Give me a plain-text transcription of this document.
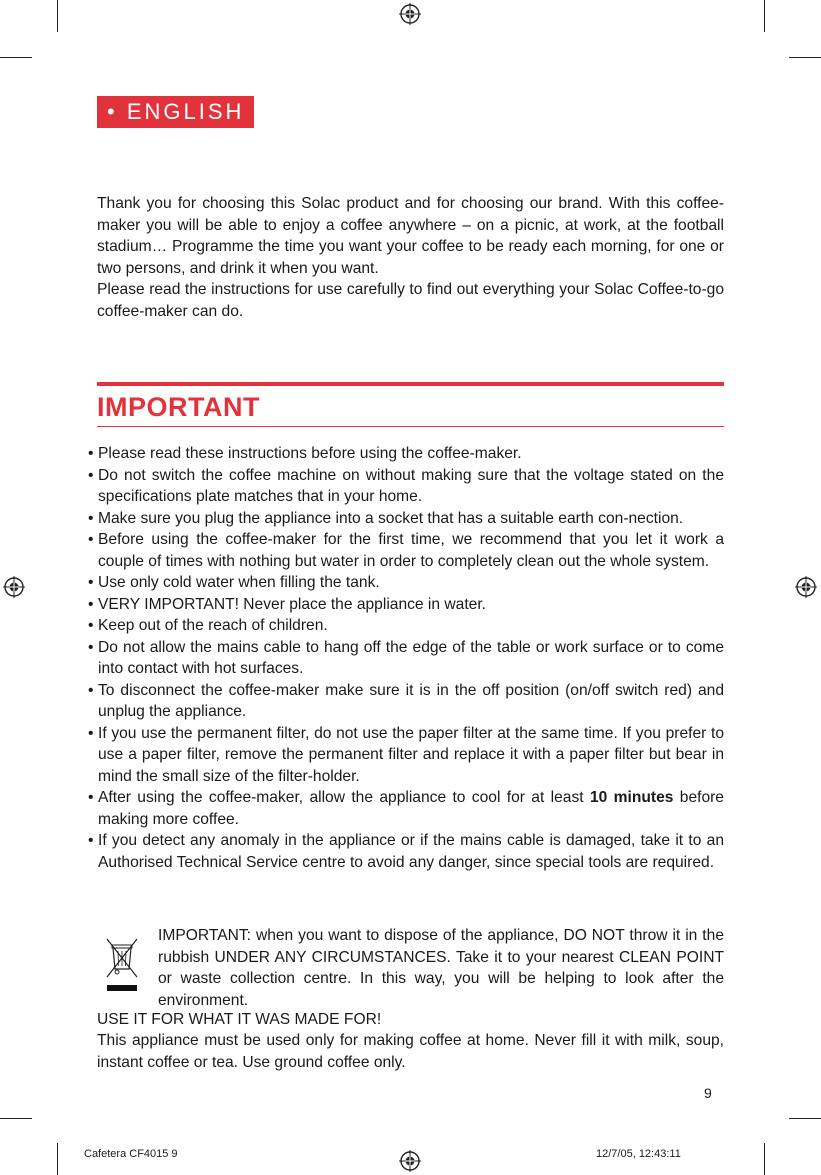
• ENGLISH
Thank you for choosing this Solac product and for choosing our brand. With this coffee-maker you will be able to enjoy a coffee anywhere – on a picnic, at work, at the football stadium… Programme the time you want your coffee to be ready each morning, for one or two persons, and drink it when you want.
Please read the instructions for use carefully to find out everything your Solac Coffee-to-go coffee-maker can do.
IMPORTANT
• Please read these instructions before using the coffee-maker.
• Do not switch the coffee machine on without making sure that the voltage stated on the specifications plate matches that in your home.
• Make sure you plug the appliance into a socket that has a suitable earth con-nection.
• Before using the coffee-maker for the first time, we recommend that you let it work a couple of times with nothing but water in order to completely clean out the whole system.
• Use only cold water when filling the tank.
• VERY IMPORTANT! Never place the appliance in water.
• Keep out of the reach of children.
• Do not allow the mains cable to hang off the edge of the table or work surface or to come into contact with hot surfaces.
• To disconnect the coffee-maker make sure it is in the off position (on/off switch red) and unplug the appliance.
• If you use the permanent filter, do not use the paper filter at the same time. If you prefer to use a paper filter, remove the permanent filter and replace it with a paper filter but bear in mind the small size of the filter-holder.
• After using the coffee-maker, allow the appliance to cool for at least 10 minutes before making more coffee.
• If you detect any anomaly in the appliance or if the mains cable is damaged, take it to an Authorised Technical Service centre to avoid any danger, since special tools are required.
IMPORTANT: when you want to dispose of the appliance, DO NOT throw it in the rubbish UNDER ANY CIRCUMSTANCES. Take it to your nearest CLEAN POINT or waste collection centre. In this way, you will be helping to look after the environment.
USE IT FOR WHAT IT WAS MADE FOR!
This appliance must be used only for making coffee at home. Never fill it with milk, soup, instant coffee or tea. Use ground coffee only.
9
Cafetera CF4015 9	12/7/05, 12:43:11
